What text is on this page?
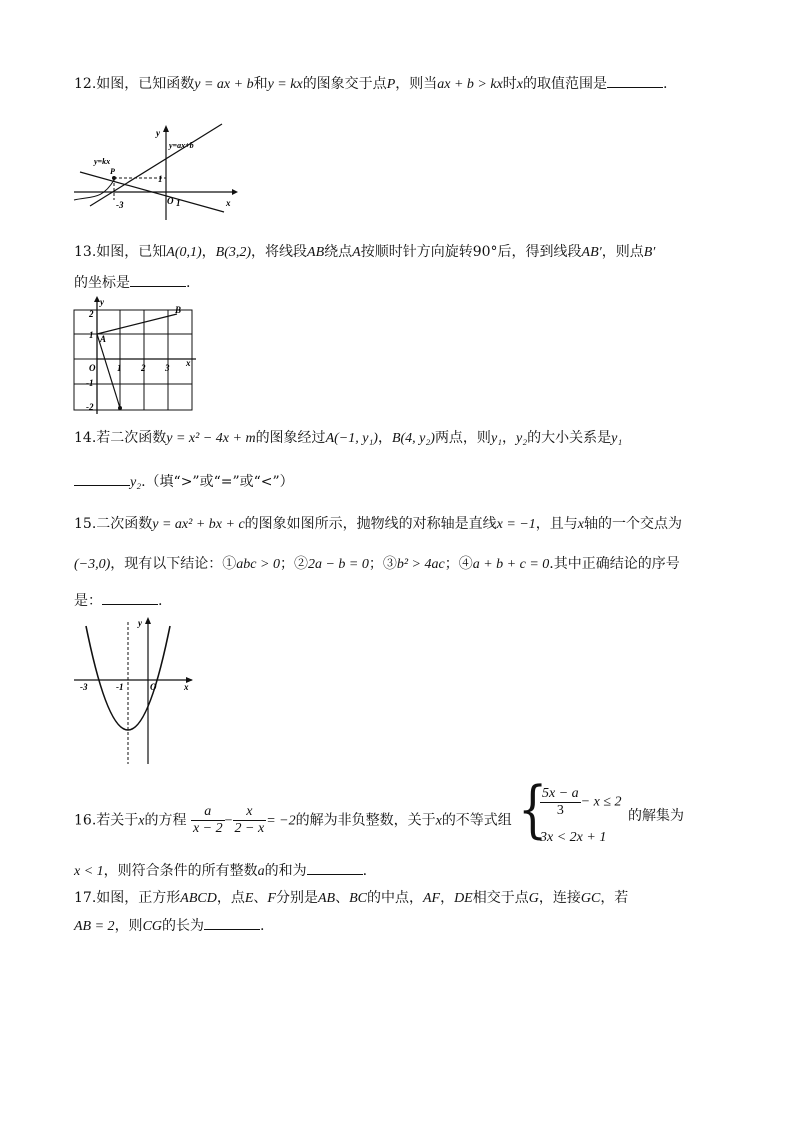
12.如图，已知函数y = ax + b和y = kx的图象交于点P，则当ax + b > kx时x的取值范围是	.
y=kx
y=ax+b
P
y
x
O 1
1
-3
13.如图，已知A(0,1)，B(3,2)，将线段AB绕点A按顺时针方向旋转90°后，得到线段AB′，则点B′
的坐标是	.
y
x
O
A
B
1 2 3
2
1
-1
-2
14.若二次函数y = x² − 4x + m的图象经过A(−1, y₁)，B(4, y₂)两点，则y₁，y₂的大小关系是y₁
y₂.（填“>”或“=”或“<”）
15.二次函数y = ax² + bx + c的图象如图所示，抛物线的对称轴是直线x = −1，且与x轴的一个交点为
(−3,0)，现有以下结论：①abc > 0；②2a − b = 0；③b² > 4ac；④a + b + c = 0.其中正确结论的序号
是：	.
y
x
O
-3	-1
16.若关于x的方程 $\frac{a}{x - 2} - \frac{x}{2 - x} = -2$的解为非负整数，关于x的不等式组 {
$\frac{5x - a}{3} - x \le 2$
3x < 2x + 1
的解集为
x < 1，则符合条件的所有整数a的和为	.
17.如图，正方形ABCD，点E、F分别是AB、BC的中点，AF，DE相交于点G，连接GC，若
AB = 2，则CG的长为	.
